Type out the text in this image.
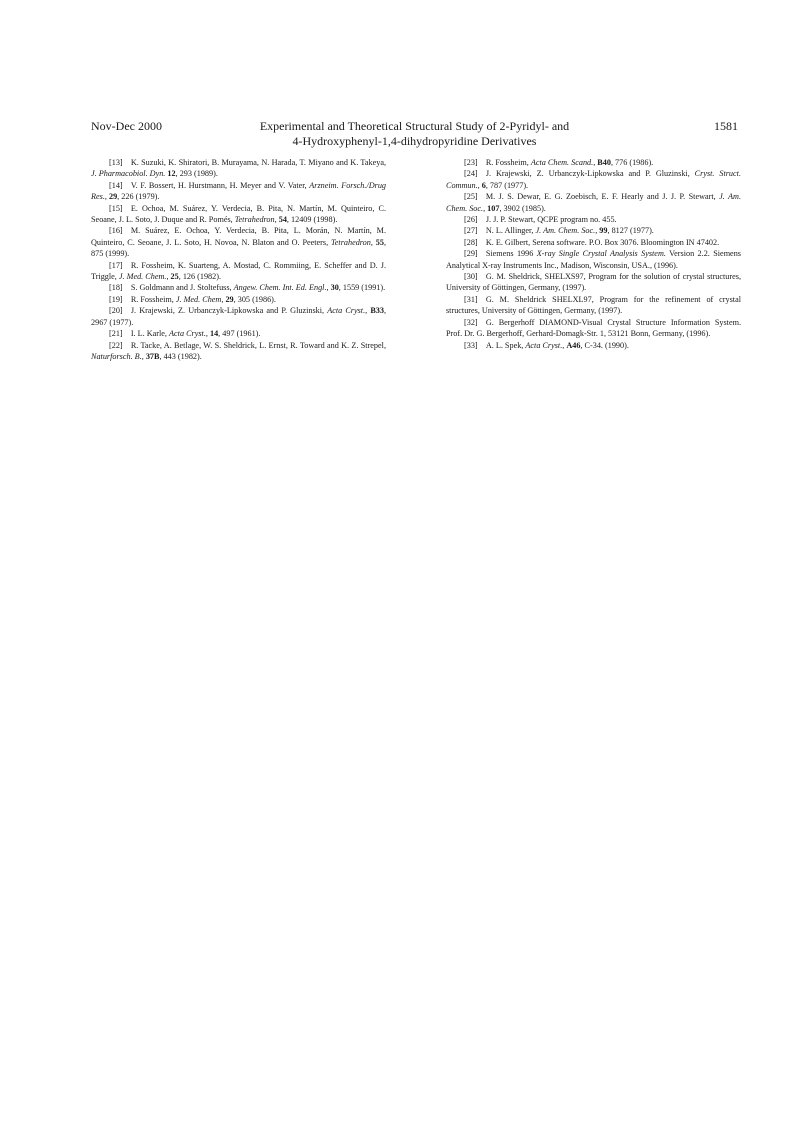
Nov-Dec 2000	Experimental and Theoretical Structural Study of 2-Pyridyl- and
4-Hydroxyphenyl-1,4-dihydropyridine Derivatives
1581

[13]  K. Suzuki, K. Shiratori, B. Murayama, N. Harada, T. Miyano and K. Takeya, J. Pharmacobiol. Dyn. 12, 293 (1989).

[14]  V. F. Bossert, H. Hurstmann, H. Meyer and V. Vater, Arzneim. Forsch./Drug Res., 29, 226 (1979).

[15]  E. Ochoa, M. Suárez, Y. Verdecia, B. Pita, N. Martín, M. Quinteiro, C. Seoane, J. L. Soto, J. Duque and R. Pomés, Tetrahedron, 54, 12409 (1998).

[16]  M. Suárez, E. Ochoa, Y. Verdecia, B. Pita, L. Morán, N. Martín, M. Quinteiro, C. Seoane, J. L. Soto, H. Novoa, N. Blaton and O. Peeters, Tetrahedron, 55, 875 (1999).

[17]  R. Fossheim, K. Suarteng, A. Mostad, C. Rommiing, E. Scheffer and D. J. Triggle, J. Med. Chem., 25, 126 (1982).

[18]  S. Goldmann and J. Stoltefuss, Angew. Chem. Int. Ed. Engl., 30, 1559 (1991).

[19]  R. Fossheim, J. Med. Chem, 29, 305 (1986).

[20]  J. Krajewski, Z. Urbanczyk-Lipkowska and P. Gluzinski, Acta Cryst., B33, 2967 (1977).

[21]  I. L. Karle, Acta Cryst., 14, 497 (1961).

[22]  R. Tacke, A. Betlage, W. S. Sheldrick, L. Ernst, R. Toward and K. Z. Strepel, Naturforsch. B., 37B, 443 (1982).

[23]  R. Fossheim, Acta Chem. Scand., B40, 776 (1986).

[24]  J. Krajewski, Z. Urbanczyk-Lipkowska and P. Gluzinski, Cryst. Struct. Commun., 6, 787 (1977).

[25]  M. J. S. Dewar, E. G. Zoebisch, E. F. Hearly and J. J. P. Stewart, J. Am. Chem. Soc., 107, 3902 (1985).

[26]  J. J. P. Stewart, QCPE program no. 455.

[27]  N. L. Allinger, J. Am. Chem. Soc., 99, 8127 (1977).

[28]  K. E. Gilbert, Serena software. P.O. Box 3076. Bloomington IN 47402.

[29]  Siemens 1996 X-ray Single Crystal Analysis System. Version 2.2. Siemens Analytical X-ray Instruments Inc., Madison, Wisconsin, USA., (1996).

[30]  G. M. Sheldrick, SHELXS97, Program for the solution of crystal structures, University of Göttingen, Germany, (1997).

[31]  G. M. Sheldrick SHELXL97, Program for the refinement of crystal structures, University of Göttingen, Germany, (1997).

[32]  G. Bergerhoff DIAMOND-Visual Crystal Structure Information System. Prof. Dr. G. Bergerhoff, Gerhard-Domagk-Str. 1, 53121 Bonn, Germany, (1996).

[33]  A. L. Spek, Acta Cryst., A46, C-34. (1990).
